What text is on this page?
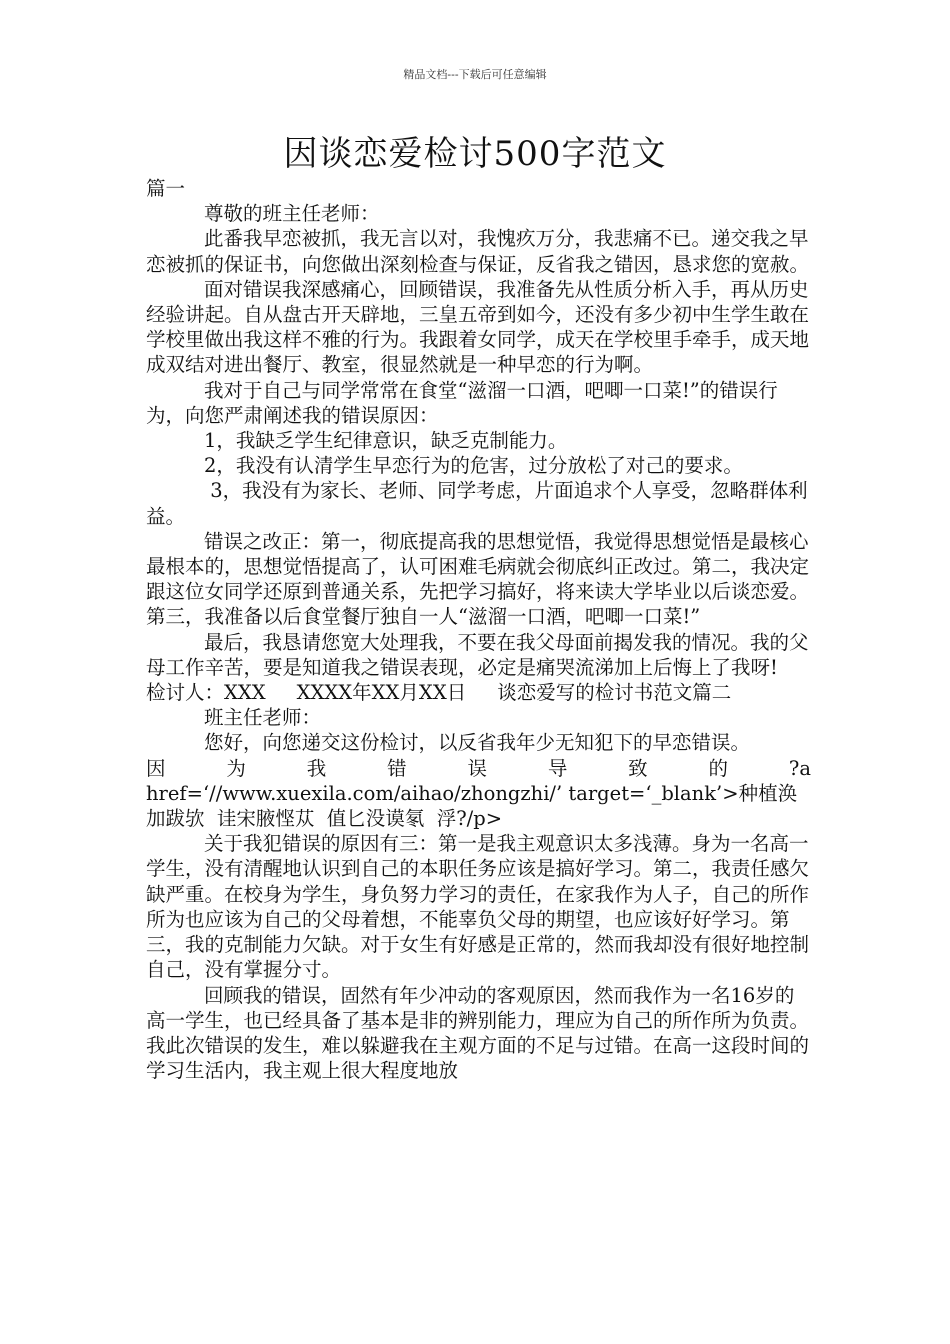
精品文档---下载后可任意编辑
因谈恋爱检讨500字范文

篇一

尊敬的班主任老师：

此番我早恋被抓，我无言以对，我愧疚万分，我悲痛不已。递交我之早恋被抓的保证书，向您做出深刻检查与保证，反省我之错因，恳求您的宽赦。

面对错误我深感痛心，回顾错误，我准备先从性质分析入手，再从历史经验讲起。自从盘古开天辟地，三皇五帝到如今，还没有多少初中生学生敢在学校里做出我这样不雅的行为。我跟着女同学，成天在学校里手牵手，成天地成双结对进出餐厅、教室，很显然就是一种早恋的行为啊。

我对于自己与同学常常在食堂“滋溜一口酒，吧唧一口菜!”的错误行为，向您严肃阐述我的错误原因：

1，我缺乏学生纪律意识，缺乏克制能力。

2，我没有认清学生早恋行为的危害，过分放松了对己的要求。

3，我没有为家长、老师、同学考虑，片面追求个人享受，忽略群体利益。

错误之改正：第一，彻底提高我的思想觉悟，我觉得思想觉悟是最核心最根本的，思想觉悟提高了，认可困难毛病就会彻底纠正改过。第二，我决定跟这位女同学还原到普通关系，先把学习搞好，将来读大学毕业以后谈恋爱。第三，我准备以后食堂餐厅独自一人“滋溜一口酒，吧唧一口菜!”

最后，我恳请您宽大处理我，不要在我父母面前揭发我的情况。我的父母工作辛苦，要是知道我之错误表现，必定是痛哭流涕加上后悔上了我呀!    检讨人：XXX     XXXX年XX月XX日     谈恋爱写的检讨书范文篇二

班主任老师：

您好，向您递交这份检讨，以反省我年少无知犯下的早恋错误。

因 为 我 错 误 导 致 的 ?a

href=‘//www.xuexila.com/aihao/zhongzhi/’ target=‘_blank’>种植涣加跋欤  诖宋腋悭苁  值匕没谟氡  浮?/p>

关于我犯错误的原因有三：第一是我主观意识太多浅薄。身为一名高一学生，没有清醒地认识到自己的本职任务应该是搞好学习。第二，我责任感欠缺严重。在校身为学生，身负努力学习的责任，在家我作为人子，自己的所作所为也应该为自己的父母着想，不能辜负父母的期望，也应该好好学习。第三，我的克制能力欠缺。对于女生有好感是正常的，然而我却没有很好地控制自己，没有掌握分寸。

回顾我的错误，固然有年少冲动的客观原因，然而我作为一名16岁的高一学生，也已经具备了基本是非的辨别能力，理应为自己的所作所为负责。我此次错误的发生，难以躲避我在主观方面的不足与过错。在高一这段时间的学习生活内，我主观上很大程度地放
